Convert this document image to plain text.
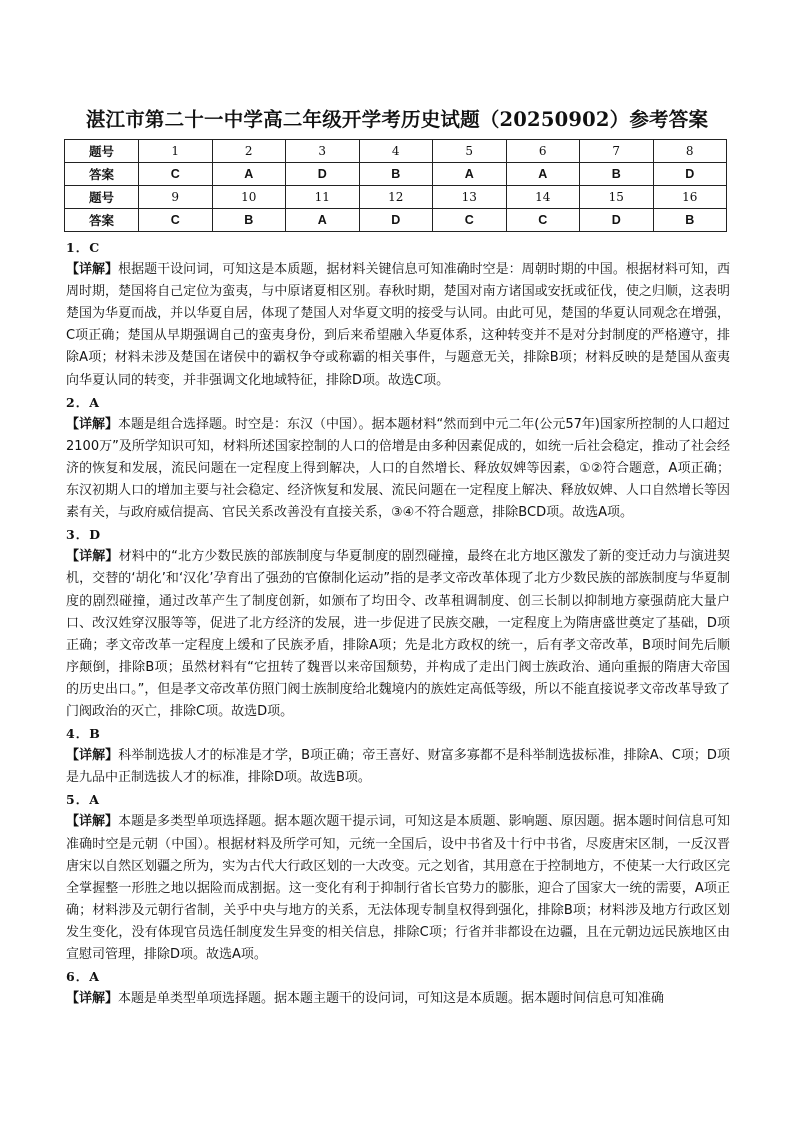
湛江市第二十一中学高二年级开学考历史试题（20250902）参考答案
题号	1	2	3	4	5	6	7	8
答案	C	A	D	B	A	A	B	D
题号	9	10	11	12	13	14	15	16
答案	C	B	A	D	C	C	D	B
1．C
【详解】根据题干设问词，可知这是本质题，据材料关键信息可知准确时空是：周朝时期的中国。根据材料可知，西周时期，楚国将自己定位为蛮夷，与中原诸夏相区别。春秋时期，楚国对南方诸国或安抚或征伐，使之归顺，这表明楚国为华夏而战，并以华夏自居，体现了楚国人对华夏文明的接受与认同。由此可见，楚国的华夏认同观念在增强，C项正确；楚国从早期强调自己的蛮夷身份，到后来希望融入华夏体系，这种转变并不是对分封制度的严格遵守，排除A项；材料未涉及楚国在诸侯中的霸权争夺或称霸的相关事件，与题意无关，排除B项；材料反映的是楚国从蛮夷向华夏认同的转变，并非强调文化地域特征，排除D项。故选C项。
2．A
【详解】本题是组合选择题。时空是：东汉（中国）。据本题材料“然而到中元二年(公元57年)国家所控制的人口超过2100万”及所学知识可知，材料所述国家控制的人口的倍增是由多种因素促成的，如统一后社会稳定，推动了社会经济的恢复和发展，流民问题在一定程度上得到解决，人口的自然增长、释放奴婢等因素，①②符合题意，A项正确；东汉初期人口的增加主要与社会稳定、经济恢复和发展、流民问题在一定程度上解决、释放奴婢、人口自然增长等因素有关，与政府威信提高、官民关系改善没有直接关系，③④不符合题意，排除BCD项。故选A项。
3．D
【详解】材料中的“北方少数民族的部族制度与华夏制度的剧烈碰撞，最终在北方地区激发了新的变迁动力与演进契机，交替的‘胡化’和‘汉化’孕育出了强劲的官僚制化运动”指的是孝文帝改革体现了北方少数民族的部族制度与华夏制度的剧烈碰撞，通过改革产生了制度创新，如颁布了均田令、改革租调制度、创三长制以抑制地方豪强荫庇大量户口、改汉姓穿汉服等等，促进了北方经济的发展，进一步促进了民族交融，一定程度上为隋唐盛世奠定了基础，D项正确；孝文帝改革一定程度上缓和了民族矛盾，排除A项；先是北方政权的统一，后有孝文帝改革，B项时间先后顺序颠倒，排除B项；虽然材料有“它扭转了魏晋以来帝国颓势，并构成了走出门阀士族政治、通向重振的隋唐大帝国的历史出口。”，但是孝文帝改革仿照门阀士族制度给北魏境内的族姓定高低等级，所以不能直接说孝文帝改革导致了门阀政治的灭亡，排除C项。故选D项。
4．B
【详解】科举制选拔人才的标准是才学，B项正确；帝王喜好、财富多寡都不是科举制选拔标准，排除A、C项；D项是九品中正制选拔人才的标准，排除D项。故选B项。
5．A
【详解】本题是多类型单项选择题。据本题次题干提示词，可知这是本质题、影响题、原因题。据本题时间信息可知准确时空是元朝（中国）。根据材料及所学可知，元统一全国后，设中书省及十行中书省，尽废唐宋区制，一反汉晋唐宋以自然区划疆之所为，实为古代大行政区划的一大改变。元之划省，其用意在于控制地方，不使某一大行政区完全掌握整一形胜之地以据险而成割据。这一变化有利于抑制行省长官势力的膨胀，迎合了国家大一统的需要，A项正确；材料涉及元朝行省制，关乎中央与地方的关系，无法体现专制皇权得到强化，排除B项；材料涉及地方行政区划发生变化，没有体现官员选任制度发生异变的相关信息，排除C项；行省并非都设在边疆，且在元朝边远民族地区由宣慰司管理，排除D项。故选A项。
6．A
【详解】本题是单类型单项选择题。据本题主题干的设问词，可知这是本质题。据本题时间信息可知准确
